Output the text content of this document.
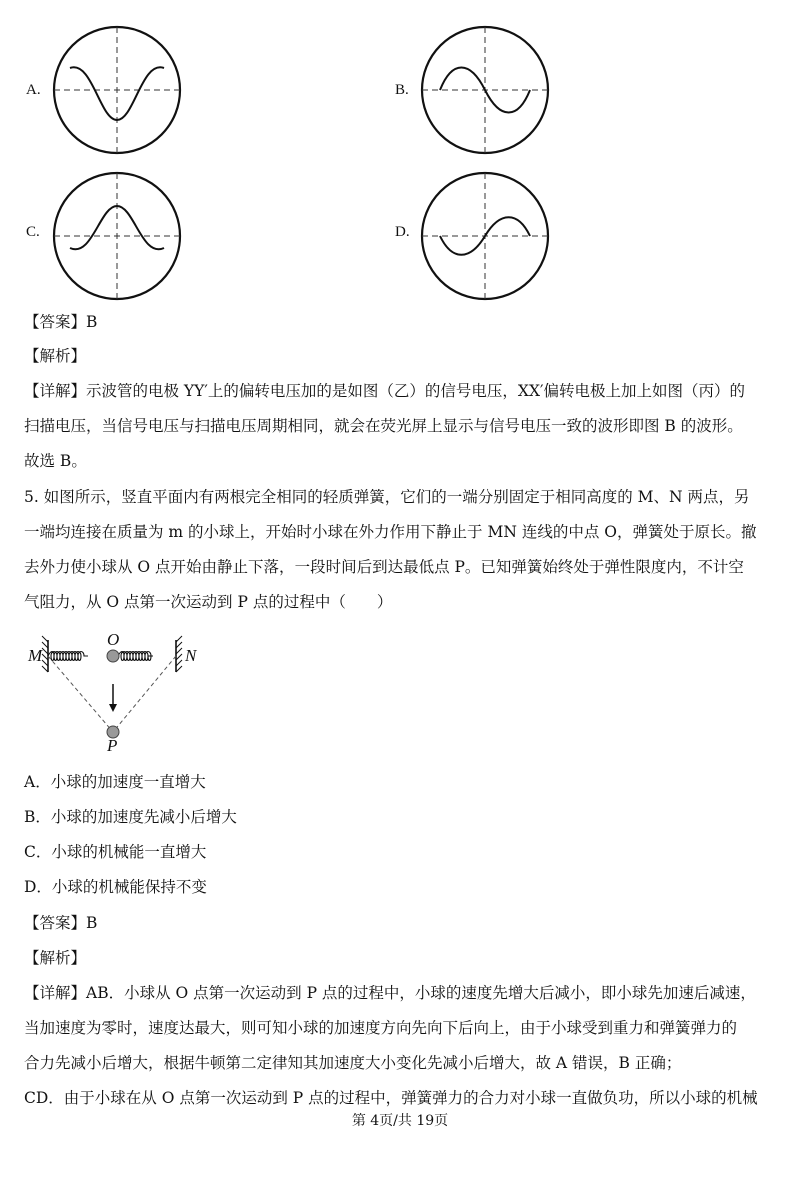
A.	B.
C.	D.
【答案】B
【解析】
【详解】示波管的电极 YY′上的偏转电压加的是如图（乙）的信号电压，XX′偏转电极上加上如图（丙）的
扫描电压，当信号电压与扫描电压周期相同，就会在荧光屏上显示与信号电压一致的波形即图 B 的波形。
故选 B。
5. 如图所示，竖直平面内有两根完全相同的轻质弹簧，它们的一端分别固定于相同高度的 M、N 两点，另
一端均连接在质量为 m 的小球上，开始时小球在外力作用下静止于 MN 连线的中点 O，弹簧处于原长。撤
去外力使小球从 O 点开始由静止下落，一段时间后到达最低点 P。已知弹簧始终处于弹性限度内，不计空
气阻力，从 O 点第一次运动到 P 点的过程中（　　）
M
O
N
P
A．小球的加速度一直增大
B．小球的加速度先减小后增大
C．小球的机械能一直增大
D．小球的机械能保持不变
【答案】B
【解析】
【详解】AB．小球从 O 点第一次运动到 P 点的过程中，小球的速度先增大后减小，即小球先加速后减速，
当加速度为零时，速度达最大，则可知小球的加速度方向先向下后向上，由于小球受到重力和弹簧弹力的
合力先减小后增大，根据牛顿第二定律知其加速度大小变化先减小后增大，故 A 错误，B 正确；
CD．由于小球在从 O 点第一次运动到 P 点的过程中，弹簧弹力的合力对小球一直做负功，所以小球的机械
第 4页/共 19页
